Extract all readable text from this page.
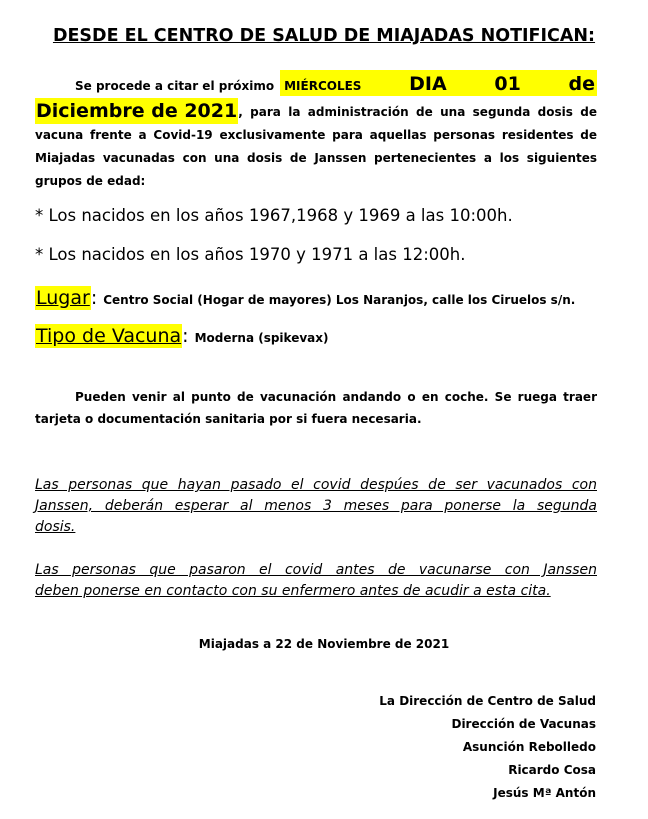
DESDE EL CENTRO DE SALUD DE MIAJADAS NOTIFICAN:
Se procede a citar el próximo MIÉRCOLES	DIA	01	de
Diciembre de 2021 , para la administración de una segunda dosis de
vacuna frente a Covid-19 exclusivamente para aquellas personas residentes de
Miajadas vacunadas con una dosis de Janssen pertenecientes a los siguientes
grupos de edad:
* Los nacidos en los años 1967,1968 y 1969 a las 10:00h.
* Los nacidos en los años 1970 y 1971 a las 12:00h.
Lugar : Centro Social (Hogar de mayores) Los Naranjos, calle los Ciruelos s/n.
Tipo de Vacuna : Moderna (spikevax)
Pueden venir al punto de vacunación andando o en coche. Se ruega traer
tarjeta o documentación sanitaria por si fuera necesaria.
Las personas que hayan pasado el covid despúes de ser vacunados con
Janssen, deberán esperar al menos 3 meses para ponerse la segunda
dosis.
Las personas que pasaron el covid antes de vacunarse con Janssen
deben ponerse en contacto con su enfermero antes de acudir a esta cita.
Miajadas a 22 de Noviembre de 2021
La Dirección de Centro de Salud
Dirección de Vacunas
Asunción Rebolledo
Ricardo Cosa
Jesús Mª Antón
